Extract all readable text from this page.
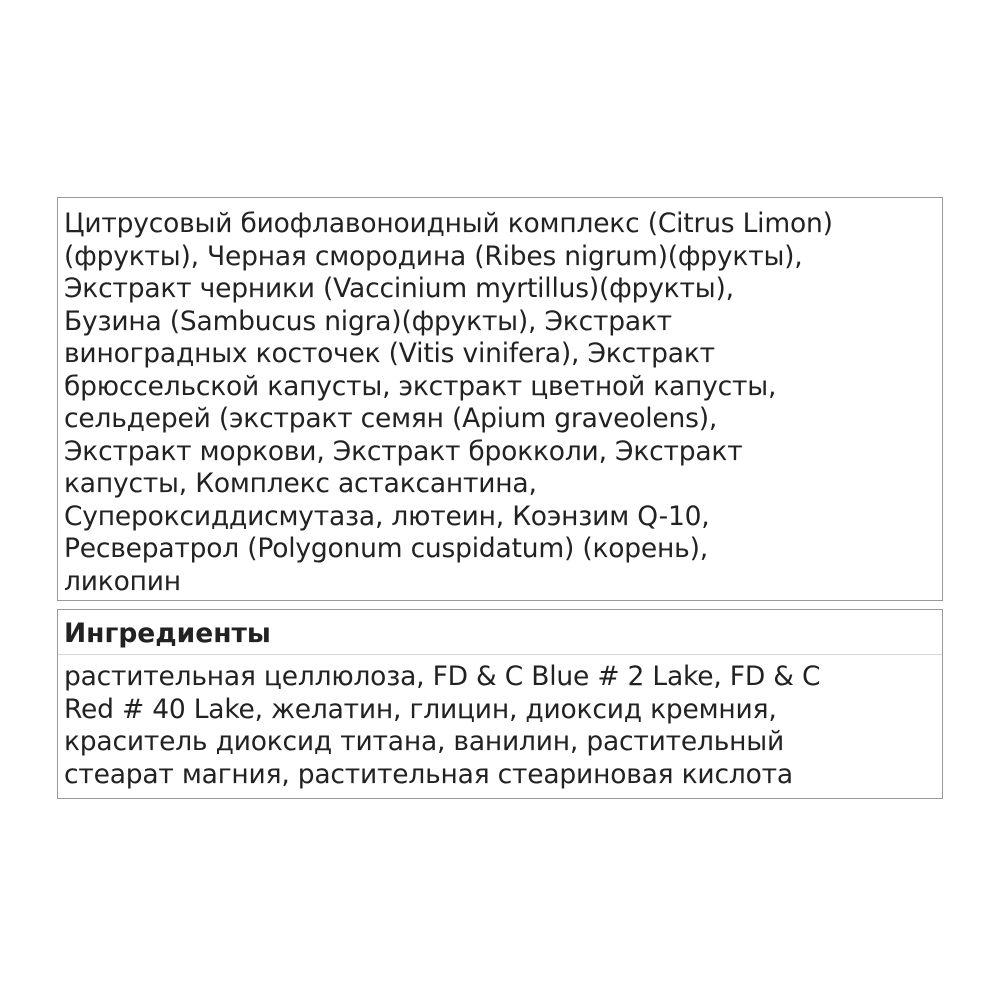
Цитрусовый биофлавоноидный комплекс (Citrus Limon)
(фрукты), Черная смородина (Ribes nigrum)(фрукты),
Экстракт черники (Vaccinium myrtillus)(фрукты),
Бузина (Sambucus nigra)(фрукты), Экстракт
виноградных косточек (Vitis vinifera), Экстракт
брюссельской капусты, экстракт цветной капусты,
сельдерей (экстракт семян (Apium graveolens),
Экстракт моркови, Экстракт брокколи, Экстракт
капусты, Комплекс астаксантина,
Супероксиддисмутаза, лютеин, Коэнзим Q-10,
Ресвератрол (Polygonum cuspidatum) (корень),
ликопин
Ингредиенты
растительная целлюлоза, FD & C Blue # 2 Lake, FD & C
Red # 40 Lake, желатин, глицин, диоксид кремния,
краситель диоксид титана, ванилин, растительный
стеарат магния, растительная стеариновая кислота
